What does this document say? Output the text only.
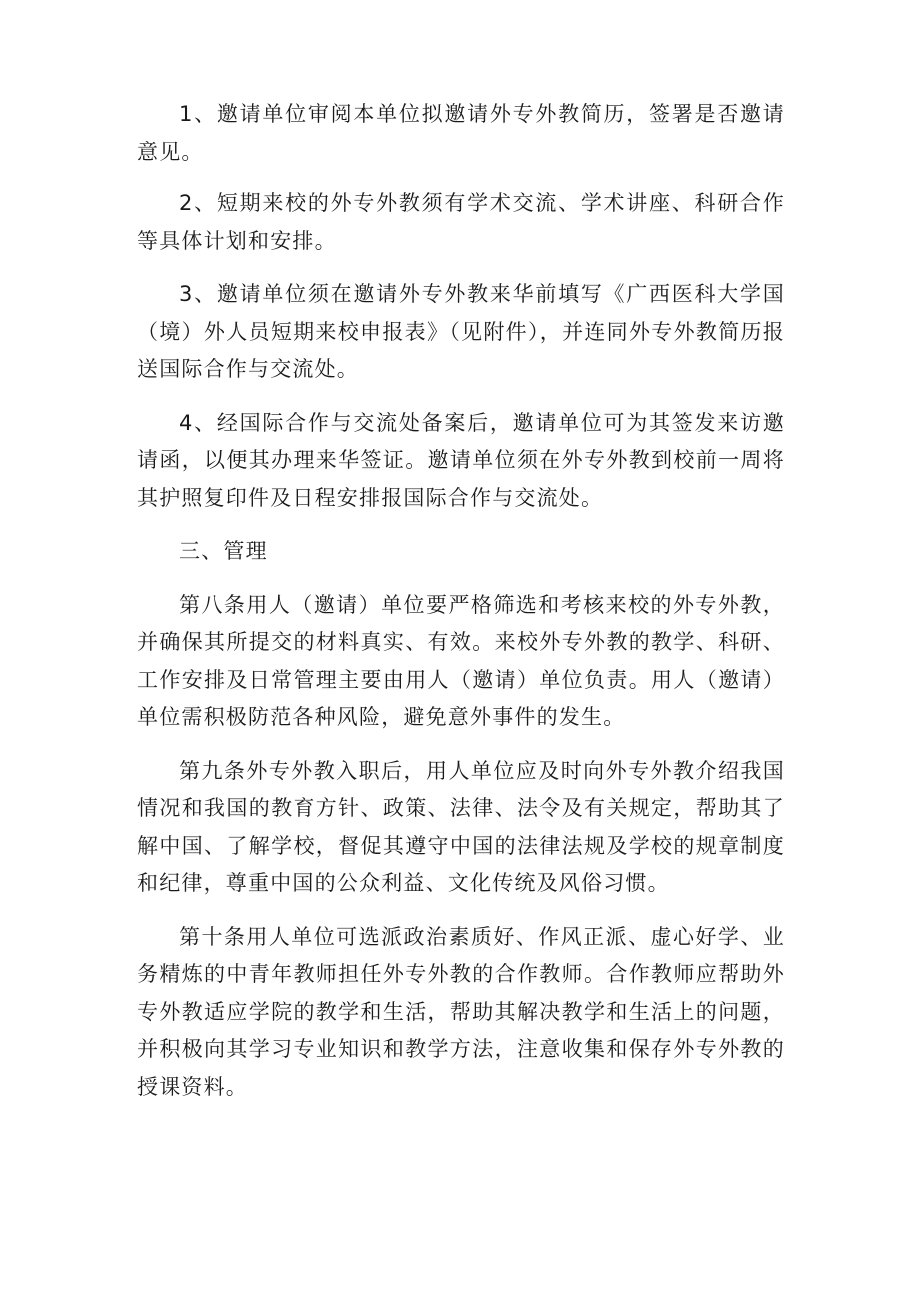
1、邀请单位审阅本单位拟邀请外专外教简历，签署是否邀请意见。

2、短期来校的外专外教须有学术交流、学术讲座、科研合作等具体计划和安排。

3、邀请单位须在邀请外专外教来华前填写《广西医科大学国（境）外人员短期来校申报表》（见附件），并连同外专外教简历报送国际合作与交流处。

4、经国际合作与交流处备案后，邀请单位可为其签发来访邀请函，以便其办理来华签证。邀请单位须在外专外教到校前一周将其护照复印件及日程安排报国际合作与交流处。

三、管理

第八条用人（邀请）单位要严格筛选和考核来校的外专外教，并确保其所提交的材料真实、有效。来校外专外教的教学、科研、工作安排及日常管理主要由用人（邀请）单位负责。用人（邀请）单位需积极防范各种风险，避免意外事件的发生。

第九条外专外教入职后，用人单位应及时向外专外教介绍我国情况和我国的教育方针、政策、法律、法令及有关规定，帮助其了解中国、了解学校，督促其遵守中国的法律法规及学校的规章制度和纪律，尊重中国的公众利益、文化传统及风俗习惯。

第十条用人单位可选派政治素质好、作风正派、虚心好学、业务精炼的中青年教师担任外专外教的合作教师。合作教师应帮助外专外教适应学院的教学和生活，帮助其解决教学和生活上的问题，并积极向其学习专业知识和教学方法，注意收集和保存外专外教的授课资料。
